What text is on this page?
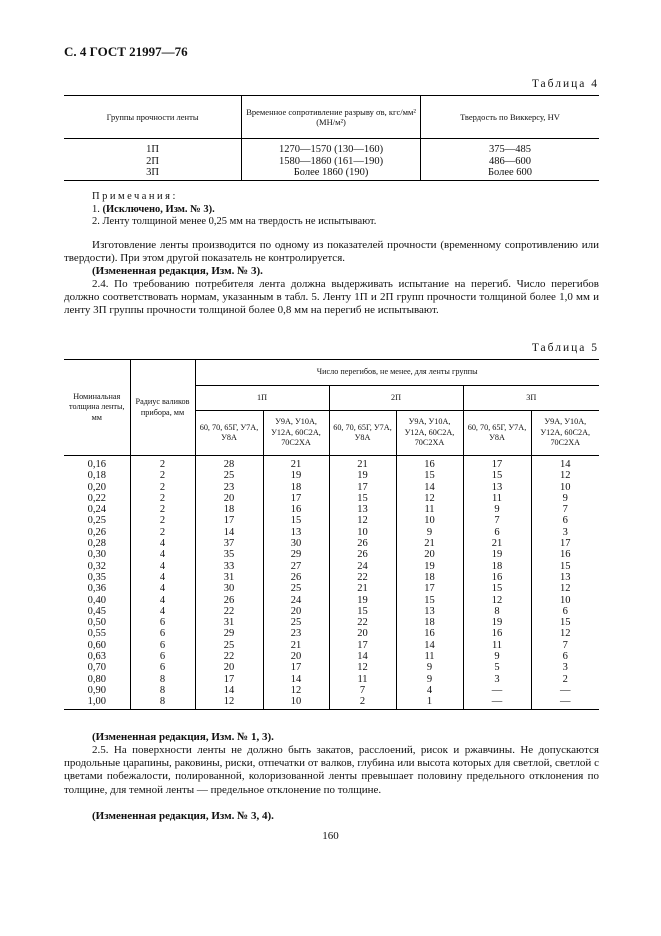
С. 4 ГОСТ 21997—76
Таблица 4
Группы прочности ленты	Временное сопротивление разрыву σв, кгс/мм² (МН/м²)	Твердость по Виккерсу, HV
1П	1270—1570 (130—160)	375—485
2П	1580—1860 (161—190)	486—600
3П	Более 1860 (190)	Более 600
Примечания:
1. (Исключено, Изм. № 3).
2. Ленту толщиной менее 0,25 мм на твердость не испытывают.
Изготовление ленты производится по одному из показателей прочности (временному сопротивлению или твердости). При этом другой показатель не контролируется.
(Измененная редакция, Изм. № 3).
2.4. По требованию потребителя лента должна выдерживать испытание на перегиб. Число перегибов должно соответствовать нормам, указанным в табл. 5. Ленту 1П и 2П групп прочности толщиной более 1,0 мм и ленту 3П группы прочности толщиной более 0,8 мм на перегиб не испытывают.
Таблица 5
Номинальная толщина ленты, мм	Радиус валиков прибора, мм	Число перегибов, не менее, для ленты группы					
		1П		2П		3П	
		60, 70, 65Г, У7А, У8А	У9А, У10А, У12А, 60С2А, 70С2ХА	60, 70, 65Г, У7А, У8А	У9А, У10А, У12А, 60С2А, 70С2ХА	60, 70, 65Г, У7А, У8А	У9А, У10А, У12А, 60С2А, 70С2ХА
0,16	2	28	21	21	16	17	14
0,18	2	25	19	19	15	15	12
0,20	2	23	18	17	14	13	10
0,22	2	20	17	15	12	11	9
0,24	2	18	16	13	11	9	7
0,25	2	17	15	12	10	7	6
0,26	2	14	13	10	9	6	3
0,28	4	37	30	26	21	21	17
0,30	4	35	29	26	20	19	16
0,32	4	33	27	24	19	18	15
0,35	4	31	26	22	18	16	13
0,36	4	30	25	21	17	15	12
0,40	4	26	24	19	15	12	10
0,45	4	22	20	15	13	8	6
0,50	6	31	25	22	18	19	15
0,55	6	29	23	20	16	16	12
0,60	6	25	21	17	14	11	7
0,63	6	22	20	14	11	9	6
0,70	6	20	17	12	9	5	3
0,80	8	17	14	11	9	3	2
0,90	8	14	12	7	4	—	—
1,00	8	12	10	2	1	—	—
(Измененная редакция, Изм. № 1, 3).
2.5. На поверхности ленты не должно быть закатов, расслоений, рисок и ржавчины. Не допускаются продольные царапины, раковины, риски, отпечатки от валков, глубина или высота которых для светлой, светлой с цветами побежалости, полированной, колоризованной ленты превышает половину предельного отклонения по толщине, для темной ленты — предельное отклонение по толщине.
(Измененная редакция, Изм. № 3, 4).
160
